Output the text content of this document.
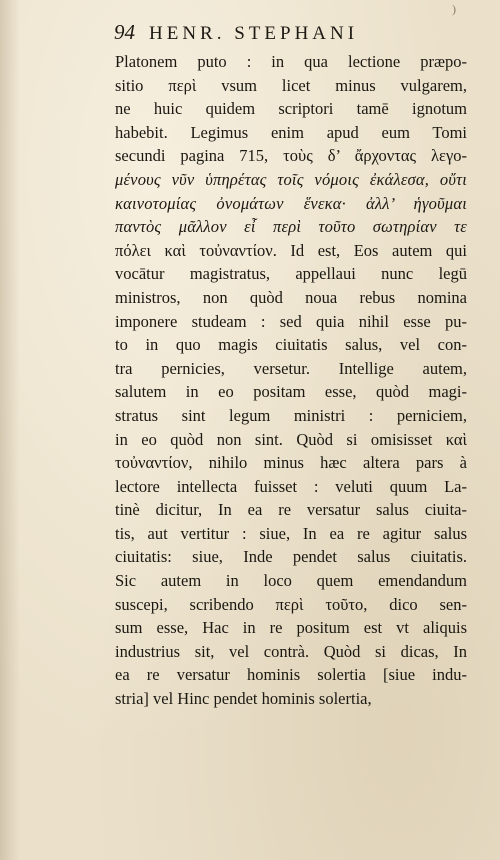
)
94 HENR. STEPHANI
Platonem puto : in qua lectione præpo-
sitio περὶ vsum licet minus vulgarem,
ne huic quidem scriptori tamē ignotum
habebit. Legimus enim apud eum Tomi
secundi pagina 715, τοὺς δ’ ἄρχοντας λεγο-
μένους νῦν ὑπηρέτας τοῖς νόμοις ἐκάλεσα, οὔτι
καινοτομίας ὀνομάτων ἕνεκα· ἀλλ’ ἡγοῦμαι
παντὸς μᾶλλον εἶ περὶ τοῦτο σωτηρίαν τε
πόλει καὶ τοὐναντίον. Id est, Eos autem qui
vocātur magistratus, appellaui nunc legū
ministros, non quòd noua rebus nomina
imponere studeam : sed quia nihil esse pu-
to in quo magis ciuitatis salus, vel con-
tra pernicies, versetur. Intellige autem,
salutem in eo positam esse, quòd magi-
stratus sint legum ministri : perniciem,
in eo quòd non sint. Quòd si omisisset καὶ
τοὐναντίον, nihilo minus hæc altera pars à
lectore intellecta fuisset : veluti quum La-
tinè dicitur, In ea re versatur salus ciuita-
tis, aut vertitur : siue, In ea re agitur salus
ciuitatis: siue, Inde pendet salus ciuitatis.
Sic autem in loco quem emendandum
suscepi, scribendo περὶ τοῦτο, dico sen-
sum esse, Hac in re positum est vt aliquis
industrius sit, vel contrà. Quòd si dicas, In
ea re versatur hominis solertia [siue indu-
stria] vel Hinc pendet hominis solertia,
